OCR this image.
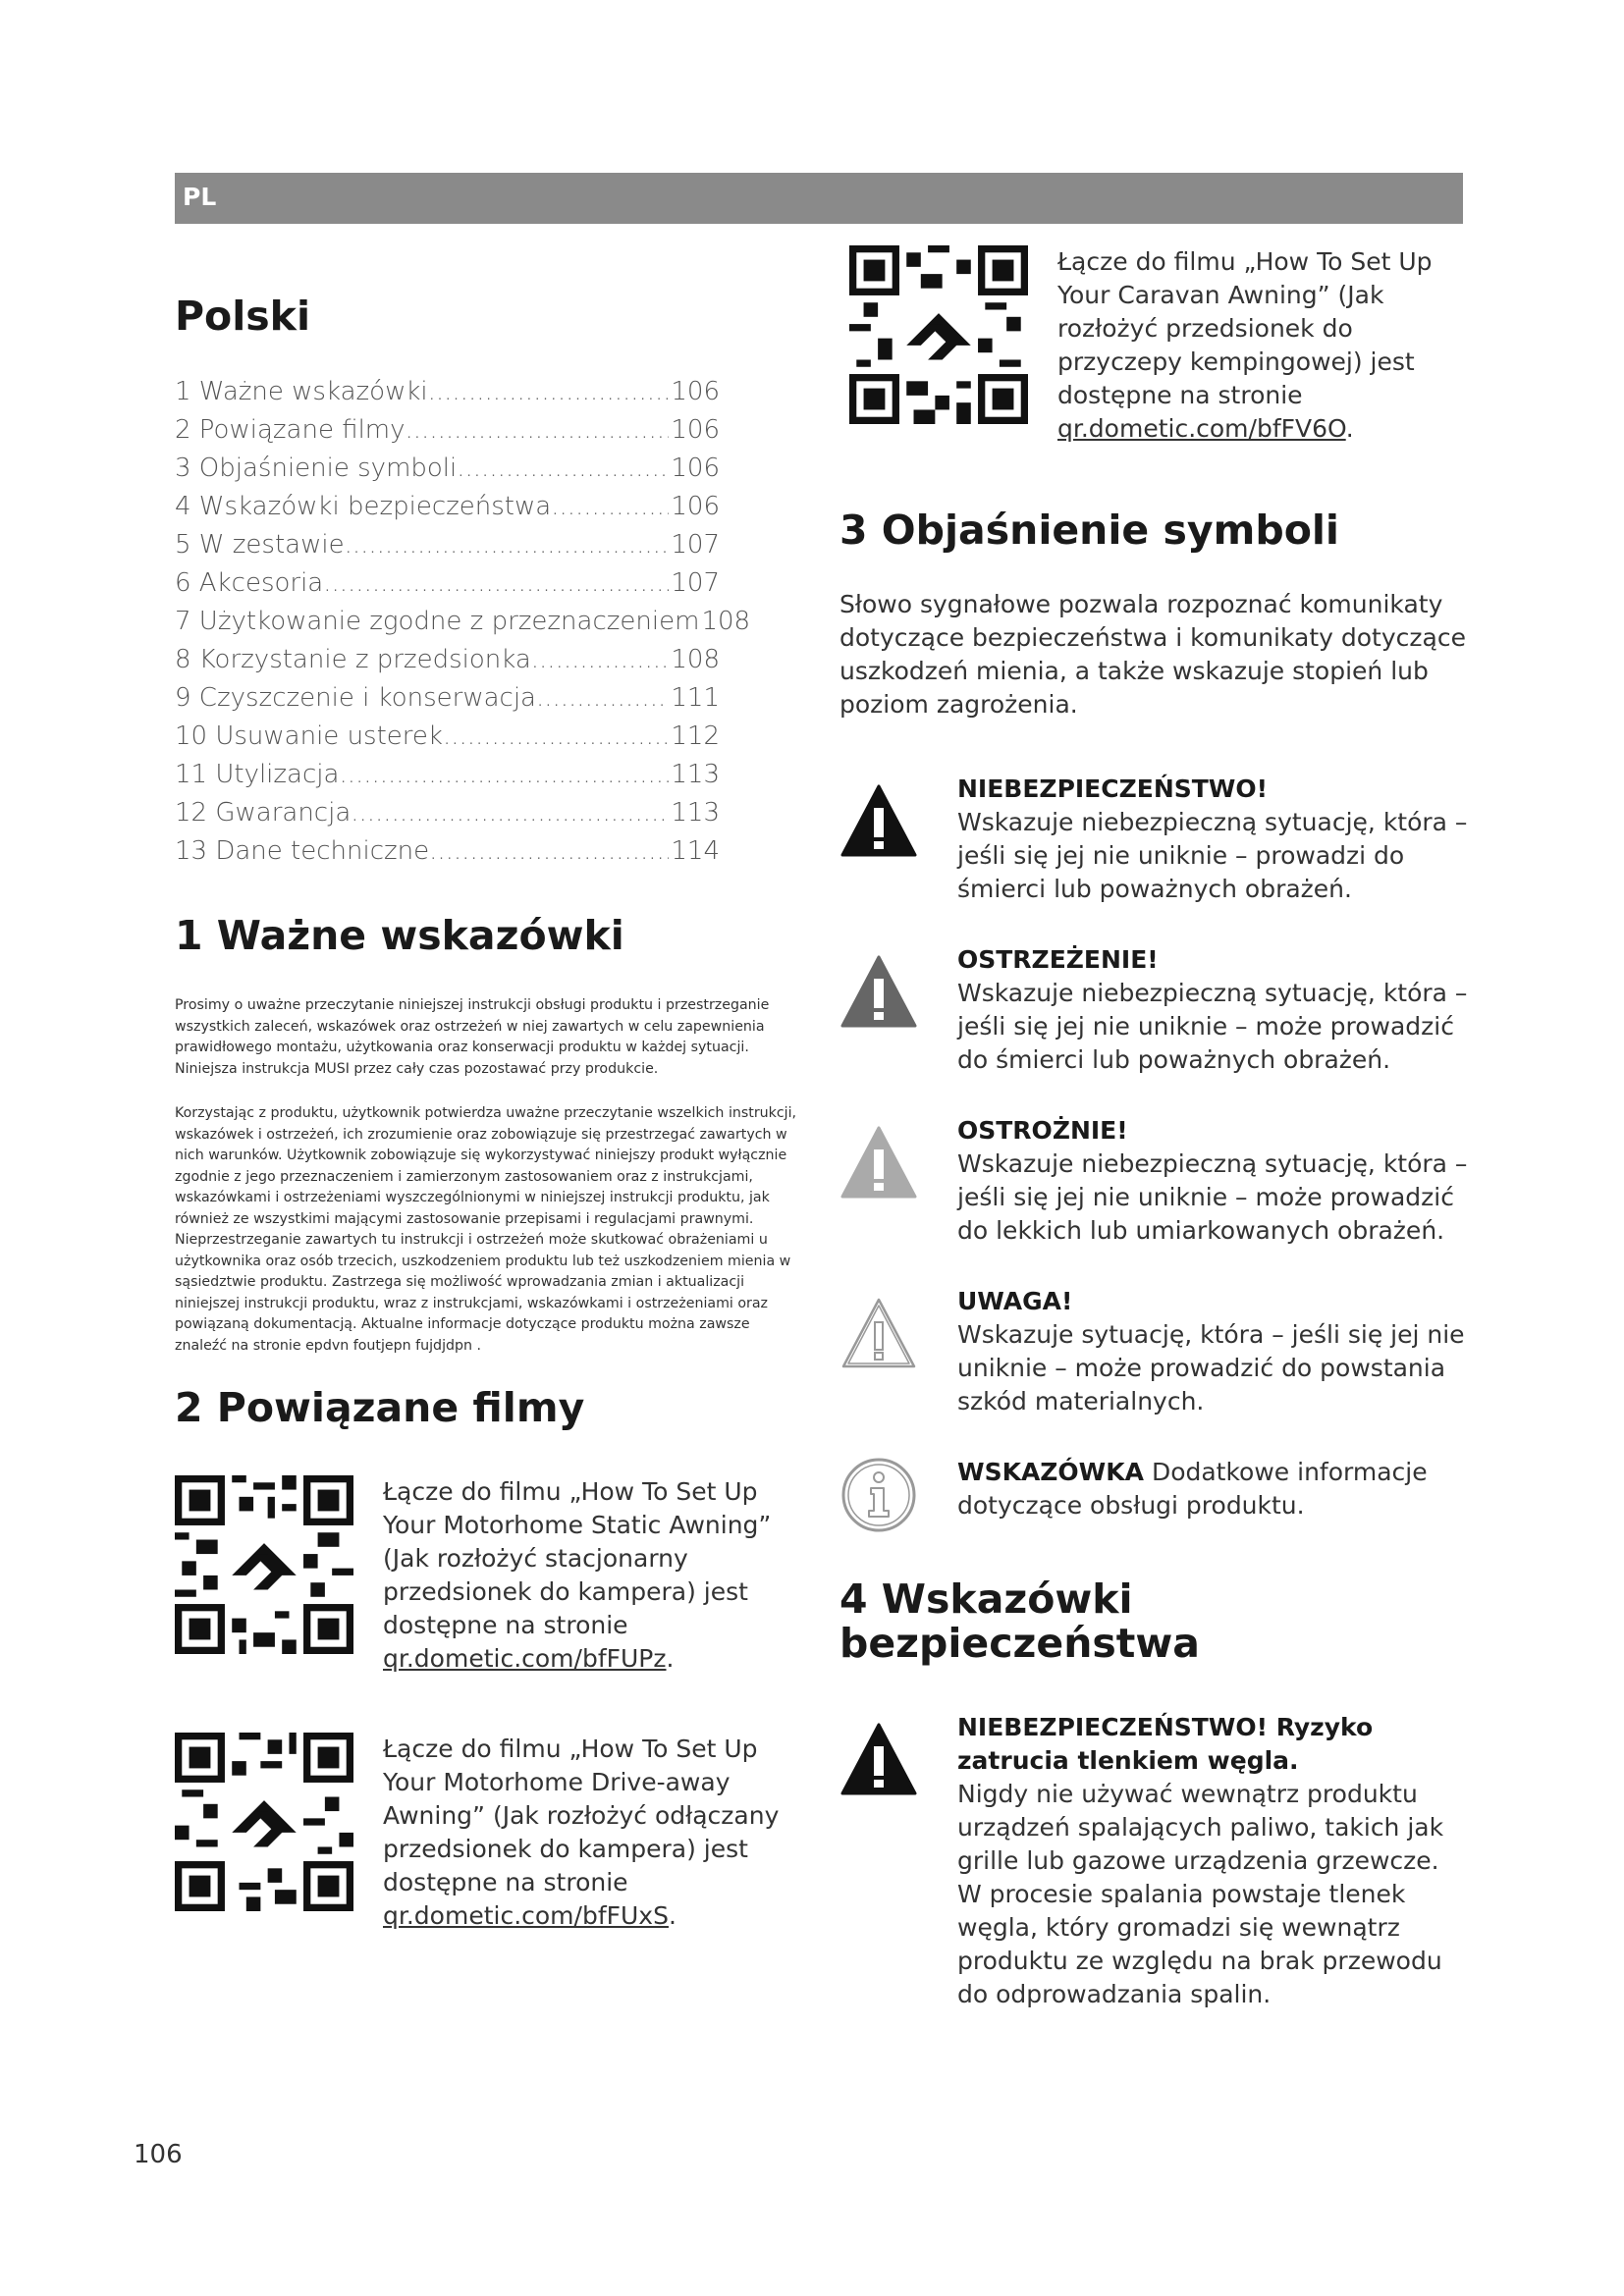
PL
Polski
1 Ważne wskazówki .....	106
2 Powiązane filmy .....	106
3 Objaśnienie symboli .....	106
4 Wskazówki bezpieczeństwa .....	106
5 W zestawie .....	107
6 Akcesoria .....	107
7 Użytkowanie zgodne z przeznaczeniem 108
8 Korzystanie z przedsionka .....	108
9 Czyszczenie i konserwacja .....	111
10 Usuwanie usterek .....	112
11 Utylizacja .....	113
12 Gwarancja .....	113
13 Dane techniczne .....	114
1 Ważne wskazówki

Prosimy o uważne przeczytanie niniejszej instrukcji obsługi produktu i przestrzeganie wszystkich zaleceń, wskazówek oraz ostrzeżeń w niej zawartych w celu zapewnienia prawidłowego montażu, użytkowania oraz konserwacji produktu w każdej sytuacji. Niniejsza instrukcja MUSI przez cały czas pozostawać przy produkcie.

Korzystając z produktu, użytkownik potwierdza uważne przeczytanie wszelkich instrukcji, wskazówek i ostrzeżeń, ich zrozumienie oraz zobowiązuje się przestrzegać zawartych w nich warunków. Użytkownik zobowiązuje się wykorzystywać niniejszy produkt wyłącznie zgodnie z jego przeznaczeniem i zamierzonym zastosowaniem oraz z instrukcjami, wskazówkami i ostrzeżeniami wyszczególnionymi w niniejszej instrukcji produktu, jak również ze wszystkimi mającymi zastosowanie przepisami i regulacjami prawnymi. Nieprzestrzeganie zawartych tu instrukcji i ostrzeżeń może skutkować obrażeniami u użytkownika oraz osób trzecich, uszkodzeniem produktu lub też uszkodzeniem mienia w sąsiedztwie produktu. Zastrzega się możliwość wprowadzania zmian i aktualizacji niniejszej instrukcji produktu, wraz z instrukcjami, wskazówkami i ostrzeżeniami oraz powiązaną dokumentacją. Aktualne informacje dotyczące produktu można zawsze znaleźć na stronie epdvn foutjepn fujdjdpn .

2 Powiązane filmy
Łącze do filmu „How To Set Up Your Motorhome Static Awning” (Jak rozłożyć stacjonarny przedsionek do kampera) jest dostępne na stronie qr.dometic.com/bfFUPz.
Łącze do filmu „How To Set Up Your Motorhome Drive-away Awning” (Jak rozłożyć odłączany przedsionek do kampera) jest dostępne na stronie qr.dometic.com/bfFUxS.
Łącze do filmu „How To Set Up Your Caravan Awning” (Jak rozłożyć przedsionek do przyczepy kempingowej) jest dostępne na stronie qr.dometic.com/bfFV6O.
3 Objaśnienie symboli

Słowo sygnałowe pozwala rozpoznać komunikaty dotyczące bezpieczeństwa i komunikaty dotyczące uszkodzeń mienia, a także wskazuje stopień lub poziom zagrożenia.

NIEBEZPIECZEŃSTWO!
Wskazuje niebezpieczną sytuację, która – jeśli się jej nie uniknie – prowadzi do śmierci lub poważnych obrażeń.
OSTRZEŻENIE!
Wskazuje niebezpieczną sytuację, która – jeśli się jej nie uniknie – może prowadzić do śmierci lub poważnych obrażeń.
OSTROŻNIE!
Wskazuje niebezpieczną sytuację, która – jeśli się jej nie uniknie – może prowadzić do lekkich lub umiarkowanych obrażeń.
UWAGA!
Wskazuje sytuację, która – jeśli się jej nie uniknie – może prowadzić do powstania szkód materialnych.
WSKAZÓWKA Dodatkowe informacje dotyczące obsługi produktu.
4 Wskazówki bezpieczeństwa
NIEBEZPIECZEŃSTWO! Ryzyko zatrucia tlenkiem węgla.
Nigdy nie używać wewnątrz produktu urządzeń spalających paliwo, takich jak grille lub gazowe urządzenia grzewcze. W procesie spalania powstaje tlenek węgla, który gromadzi się wewnątrz produktu ze względu na brak przewodu do odprowadzania spalin.
106
